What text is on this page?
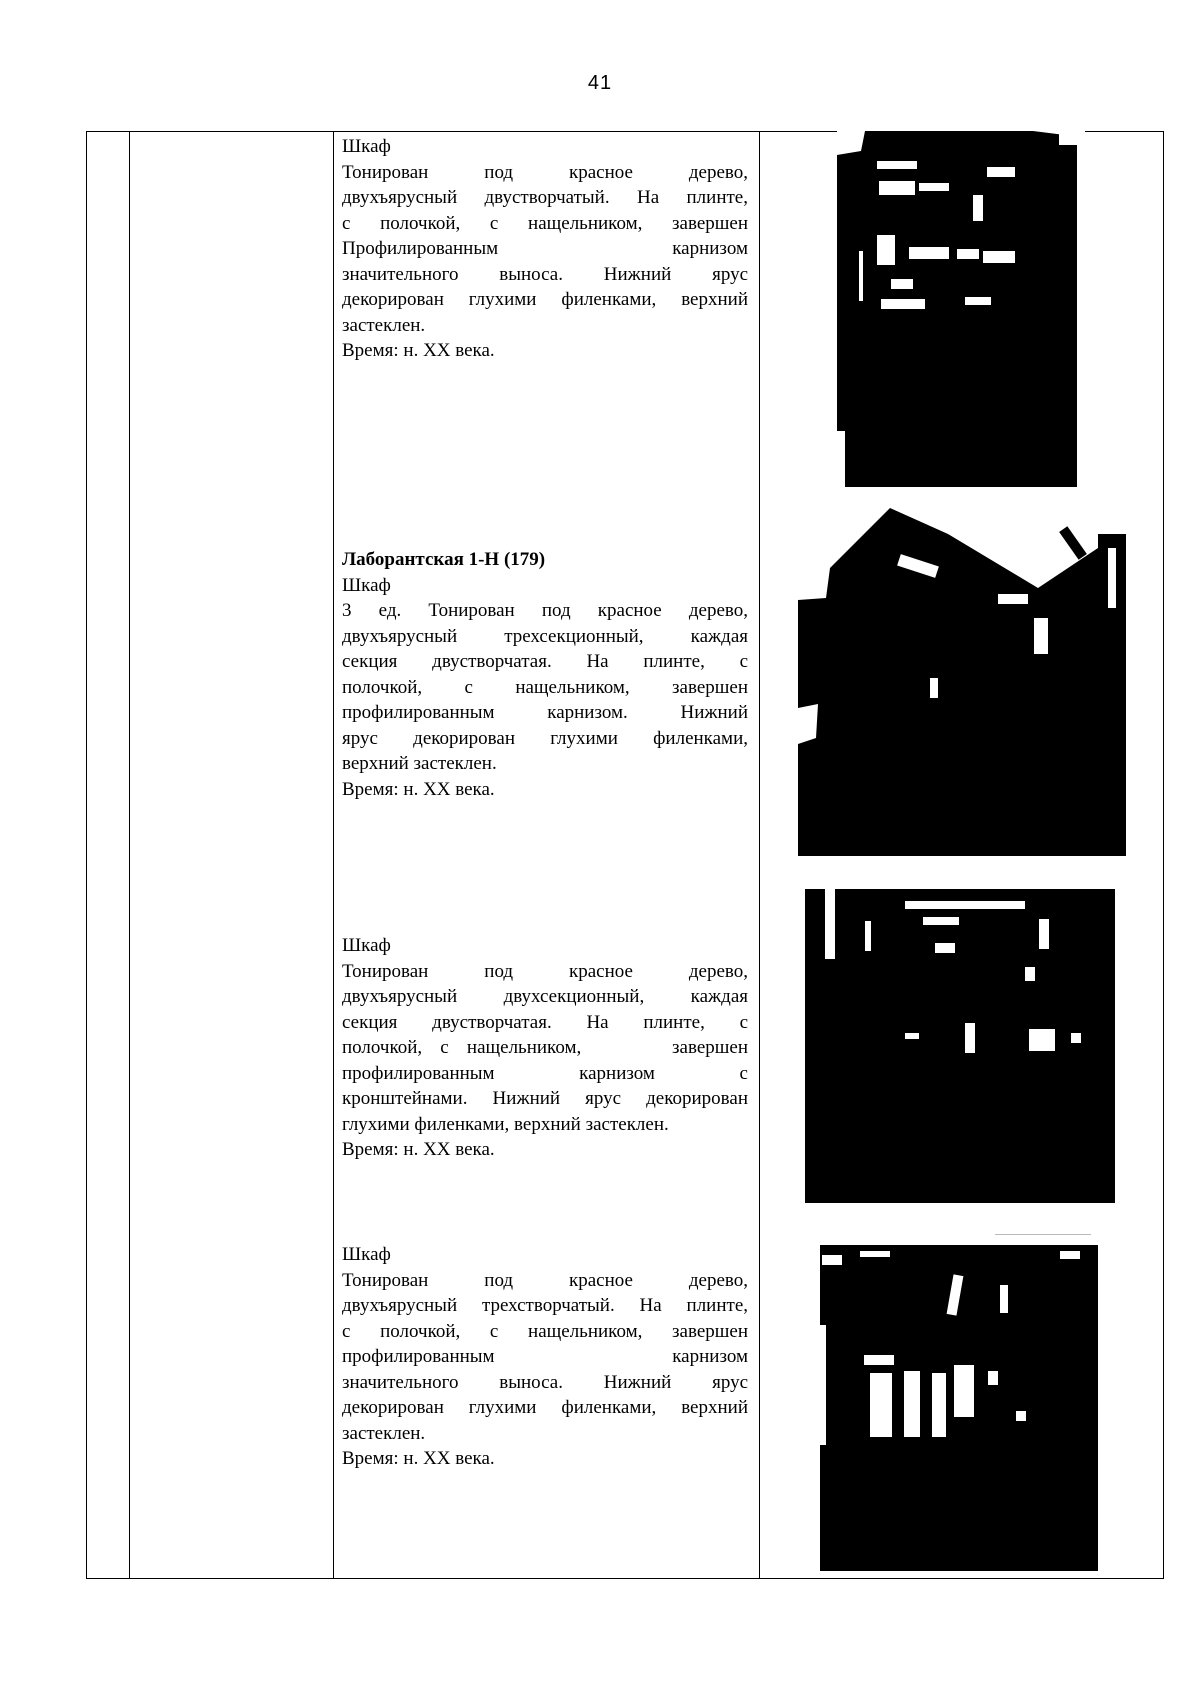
41

Шкаф

Тонирован под красное дерево,

двухъярусный двустворчатый. На плинте,

с полочкой, с нащельником, завершен

Профилированным карнизом

значительного выноса. Нижний ярус

декорирован глухими филенками, верхний

застеклен.

Время: н. XX века.

Лаборантская 1-Н (179)

Шкаф

3 ед. Тонирован под красное дерево,

двухъярусный трехсекционный, каждая

секция двустворчатая. На плинте, с

полочкой, с нащельником, завершен

профилированным карнизом. Нижний

ярус декорирован глухими филенками,

верхний застеклен.

Время: н. XX века.

Шкаф

Тонирован под красное дерево,

двухъярусный двухсекционный, каждая

секция двустворчатая. На плинте, с

полочкой, с нащельником,     завершен

профилированным карнизом с

кронштейнами. Нижний ярус декорирован

глухими филенками, верхний застеклен.

Время: н. XX века.

Шкаф

Тонирован под красное дерево,

двухъярусный трехстворчатый. На плинте,

с полочкой, с нащельником, завершен

профилированным карнизом

значительного выноса. Нижний ярус

декорирован глухими филенками, верхний

застеклен.

Время: н. XX века.
